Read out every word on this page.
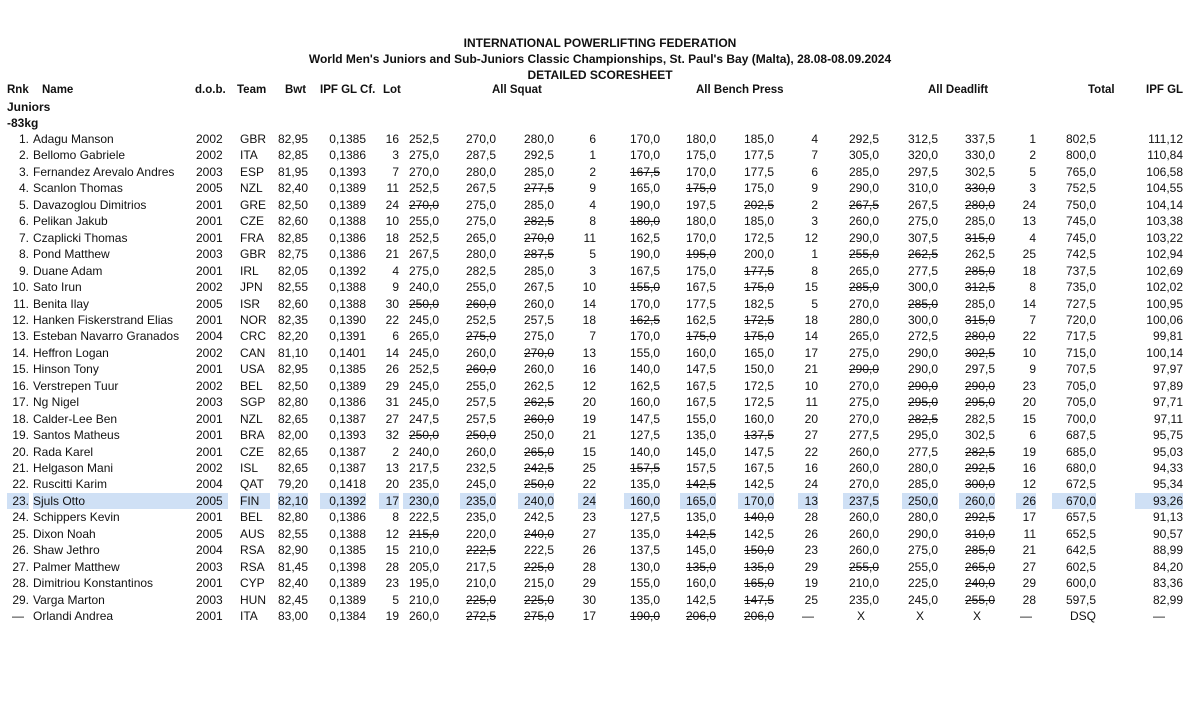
INTERNATIONAL POWERLIFTING FEDERATION
World Men's Juniors and Sub-Juniors Classic Championships, St. Paul's Bay (Malta), 28.08-08.09.2024
DETAILED SCORESHEET
Rnk Name	d.o.b. Team Bwt IPF GL Cf. Lot	All Squat	All Bench Press	All Deadlift	Total	IPF GL
Juniors
-83kg
1. Adagu Manson	2002	GBR 82,95	0,1385	16 252,5	270,0	280,0	6	170,0	180,0	185,0	4	292,5	312,5	337,5	1	802,5	111,12
2. Bellomo Gabriele	2002	ITA	82,85	0,1386	3 275,0	287,5	292,5	1	170,0	175,0	177,5	7	305,0	320,0	330,0	2	800,0	110,84
3. Fernandez Arevalo Andres	2003	ESP	81,95	0,1393	7 270,0	280,0	285,0	2	167,5	170,0	177,5	6	285,0	297,5	302,5	5	765,0	106,58
4. Scanlon Thomas	2005	NZL	82,40	0,1389	11 252,5	267,5	277,5	9	165,0	175,0	175,0	9	290,0	310,0	330,0	3	752,5	104,55
5. Davazoglou Dimitrios	2001	GRE 82,50	0,1389	24 270,0	275,0	285,0	4	190,0	197,5	202,5	2	267,5	267,5	280,0	24	750,0	104,14
6. Pelikan Jakub	2001	CZE	82,60	0,1388	10 255,0	275,0	282,5	8	180,0	180,0	185,0	3	260,0	275,0	285,0	13	745,0	103,38
7. Czaplicki Thomas	2001	FRA	82,85	0,1386	18 252,5	265,0	270,0	11	162,5	170,0	172,5	12	290,0	307,5	315,0	4	745,0	103,22
8. Pond Matthew	2003	GBR 82,75	0,1386	21 267,5	280,0	287,5	5	190,0	195,0	200,0	1	255,0	262,5	262,5	25	742,5	102,94
9. Duane Adam	2001	IRL	82,05	0,1392	4 275,0	282,5	285,0	3	167,5	175,0	177,5	8	265,0	277,5	285,0	18	737,5	102,69
10. Sato Irun	2002	JPN	82,55	0,1388	9 240,0	255,0	267,5	10	155,0	167,5	175,0	15	285,0	300,0	312,5	8	735,0	102,02
11. Benita Ilay	2005	ISR	82,60	0,1388	30 250,0	260,0	260,0	14	170,0	177,5	182,5	5	270,0	285,0	285,0	14	727,5	100,95
12. Hanken Fiskerstrand Elias	2001	NOR 82,35	0,1390	22 245,0	252,5	257,5	18	162,5	162,5	172,5	18	280,0	300,0	315,0	7	720,0	100,06
13. Esteban Navarro Granados	2004	CRC	82,20	0,1391	6 265,0	275,0	275,0	7	170,0	175,0	175,0	14	265,0	272,5	280,0	22	717,5	99,81
14. Heffron Logan	2002	CAN	81,10	0,1401	14 245,0	260,0	270,0	13	155,0	160,0	165,0	17	275,0	290,0	302,5	10	715,0	100,14
15. Hinson Tony	2001	USA	82,95	0,1385	26 252,5	260,0	260,0	16	140,0	147,5	150,0	21	290,0	290,0	297,5	9	707,5	97,97
16. Verstrepen Tuur	2002	BEL	82,50	0,1389	29 245,0	255,0	262,5	12	162,5	167,5	172,5	10	270,0	290,0	290,0	23	705,0	97,89
17. Ng Nigel	2003	SGP	82,80	0,1386	31 245,0	257,5	262,5	20	160,0	167,5	172,5	11	275,0	295,0	295,0	20	705,0	97,71
18. Calder-Lee Ben	2001	NZL	82,65	0,1387	27 247,5	257,5	260,0	19	147,5	155,0	160,0	20	270,0	282,5	282,5	15	700,0	97,11
19. Santos Matheus	2001	BRA	82,00	0,1393	32 250,0	250,0	250,0	21	127,5	135,0	137,5	27	277,5	295,0	302,5	6	687,5	95,75
20. Rada Karel	2001	CZE	82,65	0,1387	2 240,0	260,0	265,0	15	140,0	145,0	147,5	22	260,0	277,5	282,5	19	685,0	95,03
21. Helgason Mani	2002	ISL	82,65	0,1387	13 217,5	232,5	242,5	25	157,5	157,5	167,5	16	260,0	280,0	292,5	16	680,0	94,33
22. Ruscitti Karim	2004	QAT	79,20	0,1418	20 235,0	245,0	250,0	22	135,0	142,5	142,5	24	270,0	285,0	300,0	12	672,5	95,34
23. Sjuls Otto	2005	FIN	82,10	0,1392	17 230,0	235,0	240,0	24	160,0	165,0	170,0	13	237,5	250,0	260,0	26	670,0	93,26
24. Schippers Kevin	2001	BEL	82,80	0,1386	8 222,5	235,0	242,5	23	127,5	135,0	140,0	28	260,0	280,0	292,5	17	657,5	91,13
25. Dixon Noah	2005	AUS	82,55	0,1388	12 215,0	220,0	240,0	27	135,0	142,5	142,5	26	260,0	290,0	310,0	11	652,5	90,57
26. Shaw Jethro	2004	RSA	82,90	0,1385	15 210,0	222,5	222,5	26	137,5	145,0	150,0	23	260,0	275,0	285,0	21	642,5	88,99
27. Palmer Matthew	2003	RSA	81,45	0,1398	28 205,0	217,5	225,0	28	130,0	135,0	135,0	29	255,0	255,0	265,0	27	602,5	84,20
28. Dimitriou Konstantinos	2001	CYP	82,40	0,1389	23 195,0	210,0	215,0	29	155,0	160,0	165,0	19	210,0	225,0	240,0	29	600,0	83,36
29. Varga Marton	2003	HUN	82,45	0,1389	5 210,0	225,0	225,0	30	135,0	142,5	147,5	25	235,0	245,0	255,0	28	597,5	82,99
— Orlandi Andrea	2001	ITA	83,00	0,1384	19 260,0	272,5	275,0	17	190,0	206,0	206,0	—	X	X	X	—	DSQ	—
